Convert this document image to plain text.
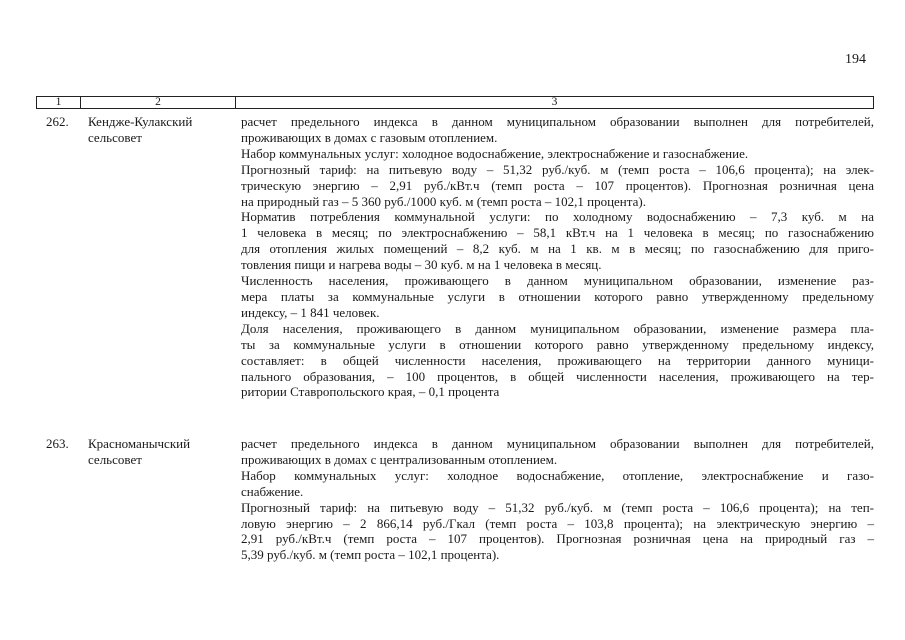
194
1	2	3
262. Кендже-Кулакский
сельсовет
расчет предельного индекса в данном муниципальном образовании выполнен для потребителей,
проживающих в домах с газовым отоплением.
Набор коммунальных услуг: холодное водоснабжение, электроснабжение и газоснабжение.
Прогнозный тариф: на питьевую воду – 51,32 руб./куб. м (темп роста – 106,6 процента); на элек-
трическую энергию – 2,91 руб./кВт.ч (темп роста – 107 процентов). Прогнозная розничная цена
на природный газ – 5 360 руб./1000 куб. м (темп роста – 102,1 процента).
Норматив потребления коммунальной услуги: по холодному водоснабжению – 7,3 куб. м на
1 человека в месяц; по электроснабжению – 58,1 кВт.ч на 1 человека в месяц; по газоснабжению
для отопления жилых помещений – 8,2 куб. м на 1 кв. м в месяц; по газоснабжению для приго-
товления пищи и нагрева воды – 30 куб. м на 1 человека в месяц.
Численность населения, проживающего в данном муниципальном образовании, изменение раз-
мера платы за коммунальные услуги в отношении которого равно утвержденному предельному
индексу, – 1 841 человек.
Доля населения, проживающего в данном муниципальном образовании, изменение размера пла-
ты за коммунальные услуги в отношении которого равно утвержденному предельному индексу,
составляет: в общей численности населения, проживающего на территории данного муници-
пального образования, – 100 процентов, в общей численности населения, проживающего на тер-
ритории Ставропольского края, – 0,1 процента
263. Красноманычский
сельсовет
расчет предельного индекса в данном муниципальном образовании выполнен для потребителей,
проживающих в домах с централизованным отоплением.
Набор коммунальных услуг: холодное водоснабжение, отопление, электроснабжение и газо-
снабжение.
Прогнозный тариф: на питьевую воду – 51,32 руб./куб. м (темп роста – 106,6 процента); на теп-
ловую энергию – 2 866,14 руб./Гкал (темп роста – 103,8 процента); на электрическую энергию –
2,91 руб./кВт.ч (темп роста – 107 процентов). Прогнозная розничная цена на природный газ –
5,39 руб./куб. м (темп роста – 102,1 процента).
